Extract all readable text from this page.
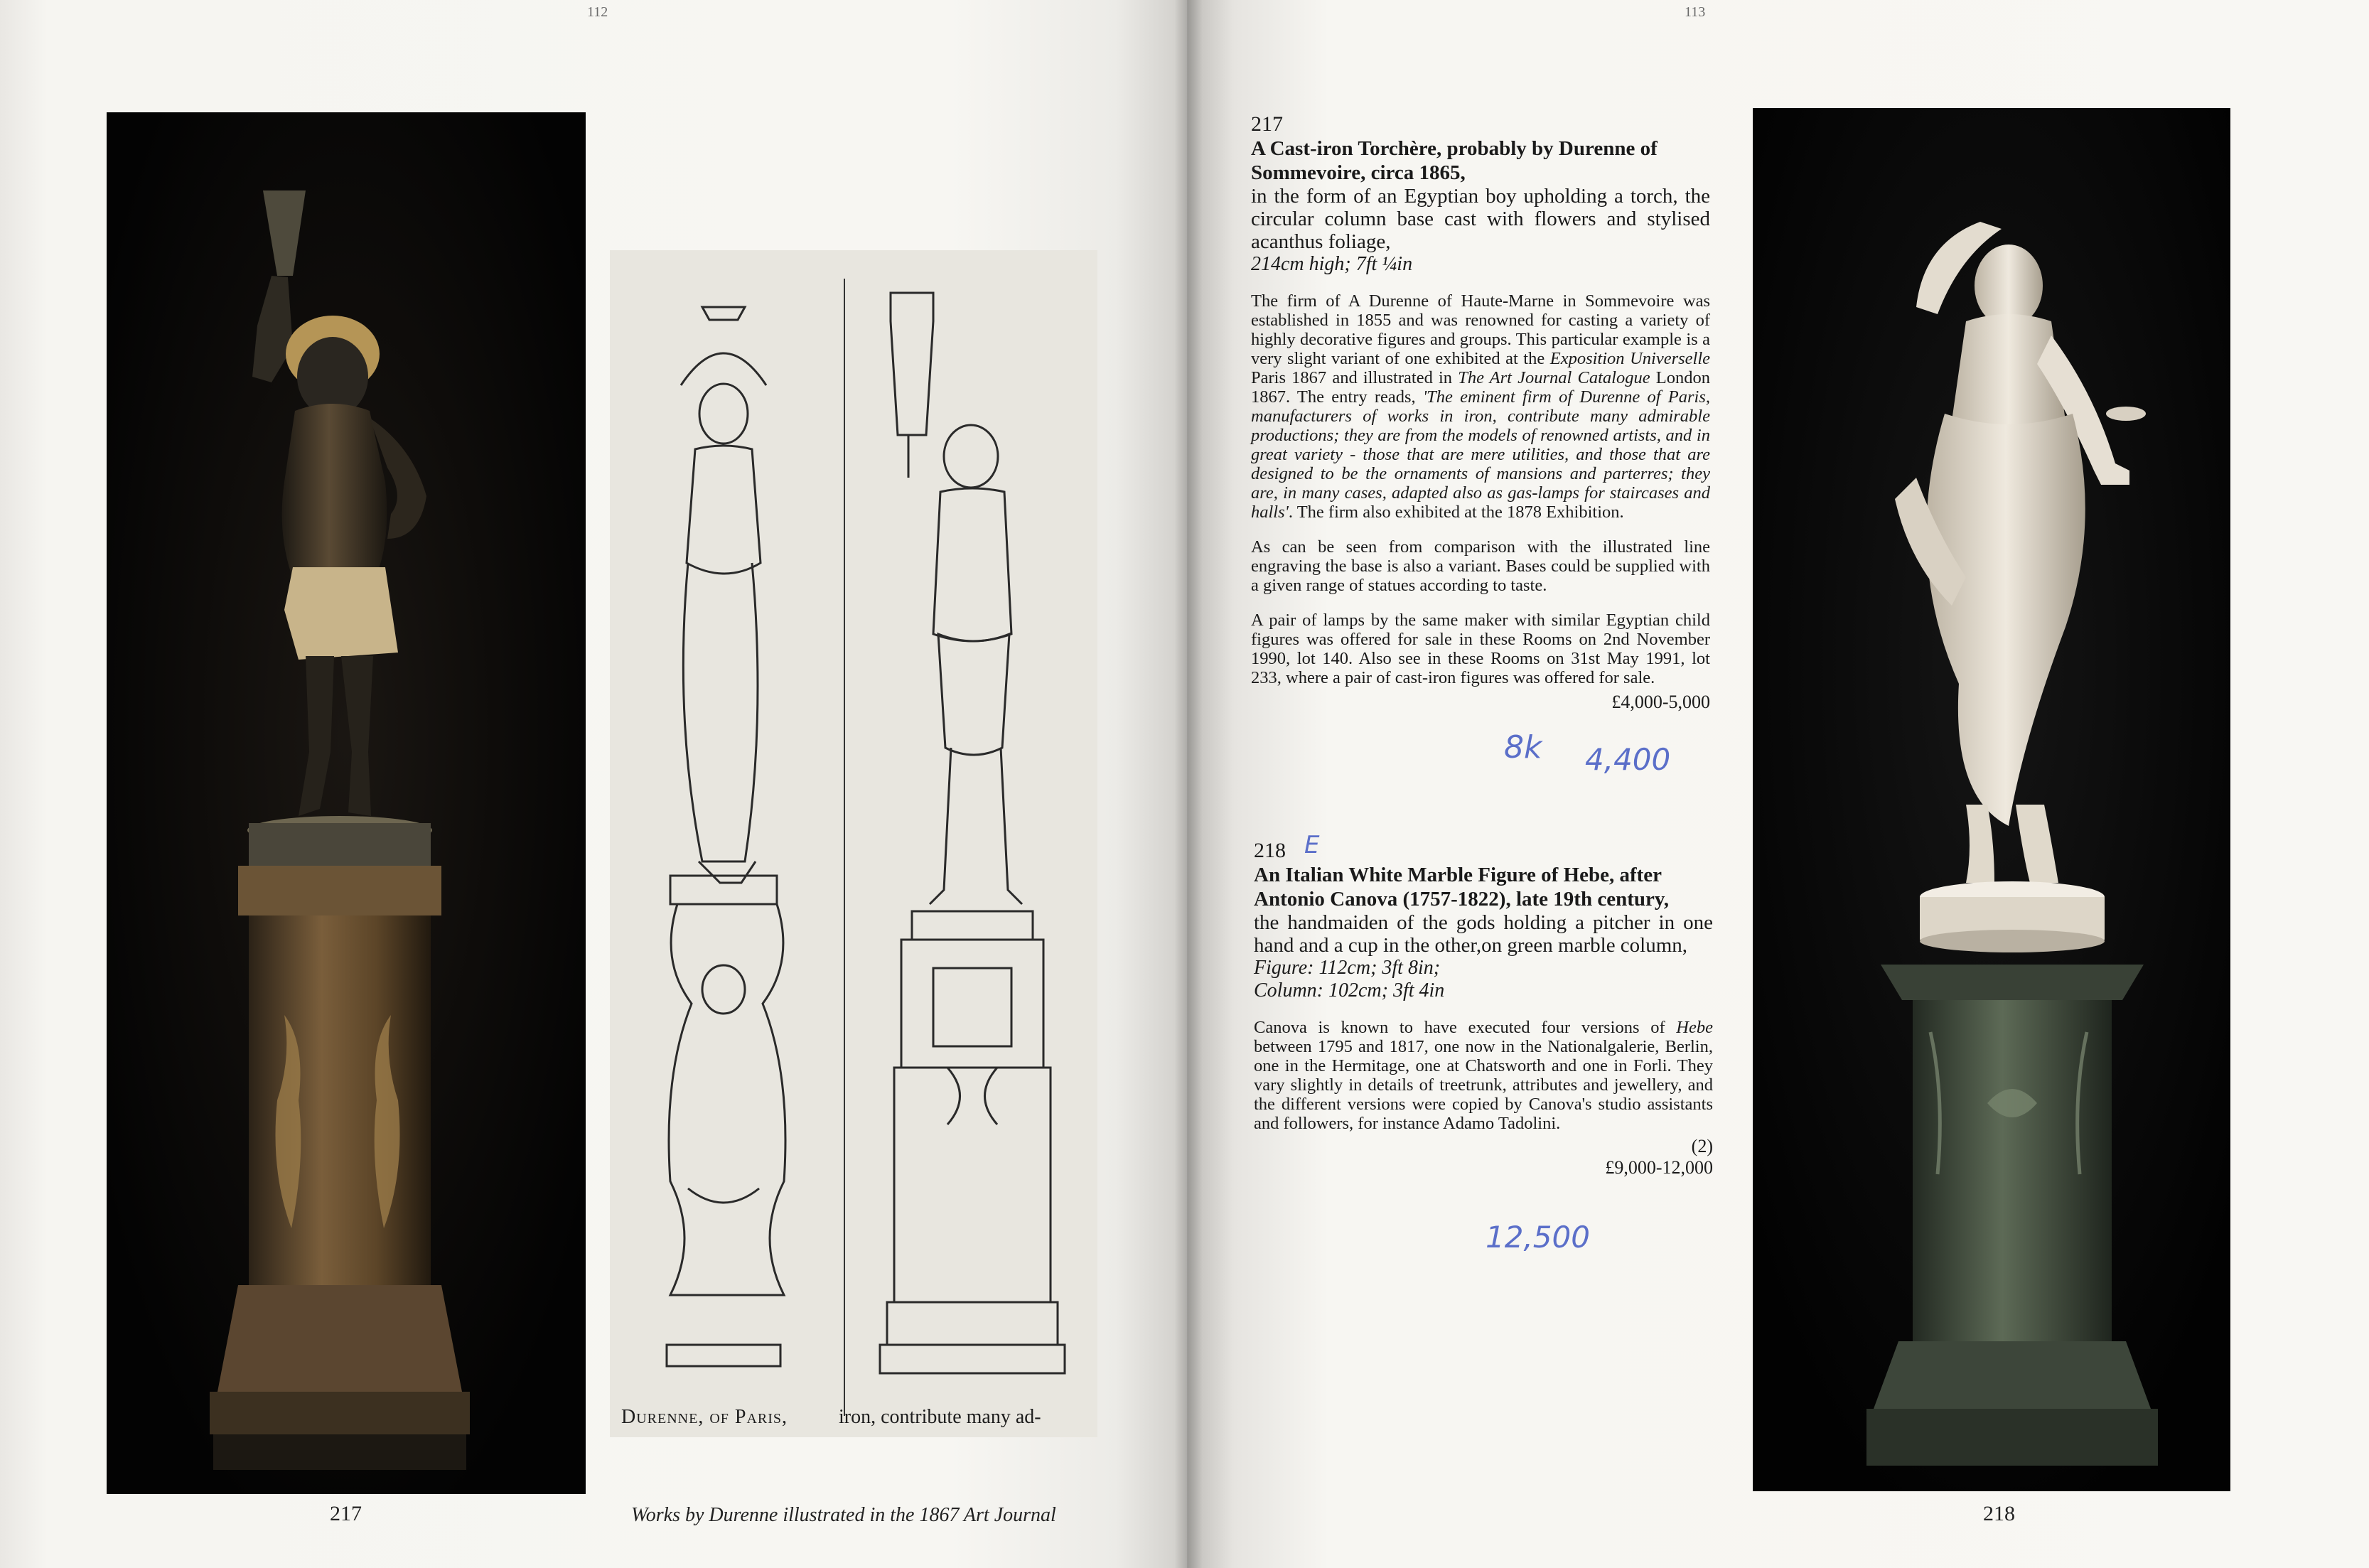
112
Durenne, of Paris,	iron, contribute many ad-
217	Works by Durenne illustrated in the 1867 Art Journal
113
217

A Cast-iron Torchère, probably by Durenne of Sommevoire, circa 1865,

in the form of an Egyptian boy upholding a torch, the circular column base cast with flowers and stylised acanthus foliage,

214cm high; 7ft ¼in

The firm of A Durenne of Haute-Marne in Sommevoire was established in 1855 and was renowned for casting a variety of highly decorative figures and groups. This particular example is a very slight variant of one exhibited at the Exposition Universelle Paris 1867 and illustrated in The Art Journal Catalogue London 1867. The entry reads, 'The eminent firm of Durenne of Paris, manufacturers of works in iron, contribute many admirable productions; they are from the models of renowned artists, and in great variety - those that are mere utilities, and those that are designed to be the ornaments of mansions and parterres; they are, in many cases, adapted also as gas-lamps for staircases and halls'. The firm also exhibited at the 1878 Exhibition.

As can be seen from comparison with the illustrated line engraving the base is also a variant. Bases could be supplied with a given range of statues according to taste.

A pair of lamps by the same maker with similar Egyptian child figures was offered for sale in these Rooms on 2nd November 1990, lot 140. Also see in these Rooms on 31st May 1991, lot 233, where a pair of cast-iron figures was offered for sale.

£4,000-5,000
8k 4,400
218 E

An Italian White Marble Figure of Hebe, after Antonio Canova (1757-1822), late 19th century,

the handmaiden of the gods holding a pitcher in one hand and a cup in the other,on green marble column,

Figure: 112cm; 3ft 8in;

Column: 102cm; 3ft 4in

Canova is known to have executed four versions of Hebe between 1795 and 1817, one now in the Nationalgalerie, Berlin, one in the Hermitage, one at Chatsworth and one in Forli. They vary slightly in details of treetrunk, attributes and jewellery, and the different versions were copied by Canova's studio assistants and followers, for instance Adamo Tadolini.

(2)
£9,000-12,000
12,500
218
